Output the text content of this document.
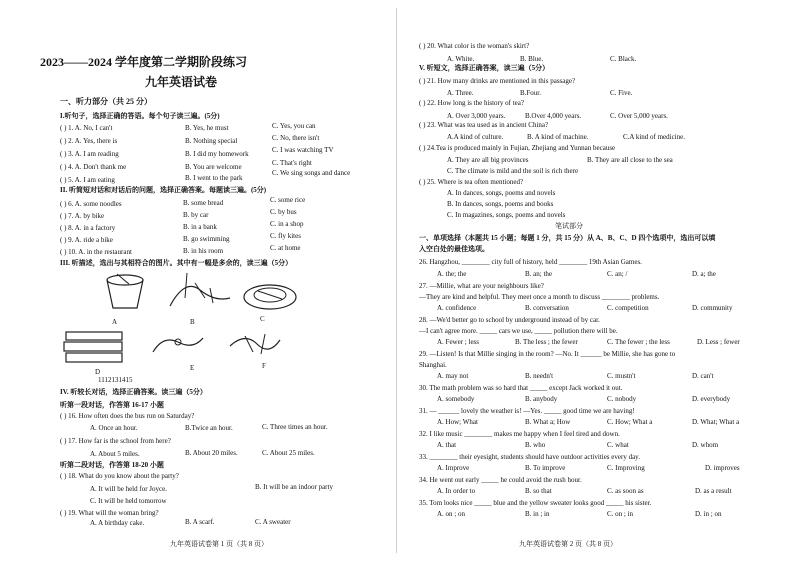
2023——2024 学年度第二学期阶段练习
九年英语试卷
一、听力部分（共 25 分）
I.听句子，选择正确的答语。每个句子读三遍。(5分)
( ) 1. A. No, I can't	B. Yes, he must	C. Yes, you can
( ) 2. A. Yes, there is	B. Nothing special	C. No, there isn't
( ) 3. A. I am reading	B. I did my homework	C. I was watching TV
( ) 4. A. Don't thank me	B. You are welcome	C. That's right
( ) 5. A. I am eating	B. I went to the park
C. We sing songs and dance
II. 听简短对话和对话后的问题，选择正确答案。每题读三遍。(5分)
( ) 6. A. some noodles	B. some bread	C. some rice
( ) 7. A. by bike	B. by car	C. by bus
( ) 8. A. in a factory	B. in a bank	C. in a shop
( ) 9. A. ride a bike	B. go swimming	C. fly kites
( ) 10. A. in the restaurant	B. in his room	C. at home
III. 听描述，选出与其相符合的图片。其中有一幅是多余的，读三遍（5分）
A	B	C
D	E	F
1112131415
IV. 听较长对话，选择正确答案。读三遍（5分）
听第一段对话，作答第 16-17 小题
( ) 16. How often does the bus run on Saturday?
A. Once an hour.	B.Twice an hour.	C. Three times an hour.
( ) 17. How far is the school from here?
A. About 5 miles.	B. About 20 miles.	C. About 25 miles.
听第二段对话，作答第 18-20 小题
( ) 18. What do you know about the party?
A. It will be held for Joyce.	B. It will be an indoor party
C. It will be held tomorrow
( ) 19. What will the woman bring?
A. A birthday cake.	B. A scarf.	C. A sweater
九年英语试卷第 1 页（共 8 页）
( ) 20. What color is the woman's skirt?
A. White.	B. Blue.	C. Black.
V. 听短文，选择正确答案，读三遍（5分）
( ) 21. How many drinks are mentioned in this passage?
A. Three.	B.Four.	C. Five.
( ) 22. How long is the history of tea?
A. Over 3,000 years.	B.Over 4,000 years.	C. Over 5,000 years.
( ) 23. What was tea used as in ancient China?
A.A kind of culture.	B. A kind of machine.	C.A kind of medicine.
( ) 24.Tea is produced mainly in Fujian, Zhejiang and Yunnan because
A. They are all big provinces	B. They are all close to the sea
C. The climate is mild and the soil is rich there
( ) 25. Where is tea often mentioned?
A. In dances, songs, poems and novels
B. In dances, songs, poems and books
C. In magazines, songs, poems and novels
笔试部分
一、单项选择（本题共 15 小题；每题 1 分，共 15 分）从 A、B、C、D 四个选项中，选出可以填
入空白处的最佳选项。
26. Hangzhou, ________ city full of history, held ________ 19th Asian Games.
A. the; the	B. an; the	C. an; /	D. a; the
27. —Millie, what are your neighbours like?
—They are kind and helpful. They meet once a month to discuss ________ problems.
A. confidence	B. conversation	C. competition	D. community
28. —We'd better go to school by underground instead of by car.
—I can't agree more. _____ cars we use, _____ pollution there will be.
A. Fewer ; less	B. The less ; the fewer	C. The fewer ; the less	D. Less ; fewer
29. —Listen! Is that Millie singing in the room? —No. It ______ be Millie, she has gone to
Shanghai.
A. may not	B. needn't	C. mustn't	D. can't
30. The math problem was so hard that _____ except Jack worked it out.
A. somebody	B. anybody	C. nobody	D. everybody
31. — ______ lovely the weather is! —Yes. _____ good time we are having!
A. How; What	B. What a; How	C. How; What a	D. What; What a
32. I like music ________ makes me happy when I feel tired and down.
A. that	B. who	C. what	D. whom
33. ________ their eyesight, students should have outdoor activities every day.
A. Improve	B. To improve	C. Improving	D. improves
34. He went out early _____ he could avoid the rush hour.
A. In order to	B. so that	C. as soon as	D. as a result
35. Tom looks nice _____ blue and the yellow sweater looks good _____ his sister.
A. on ; on	B. in ; in	C. on ; in	D. in ; on
九年英语试卷第 2 页（共 8 页）
